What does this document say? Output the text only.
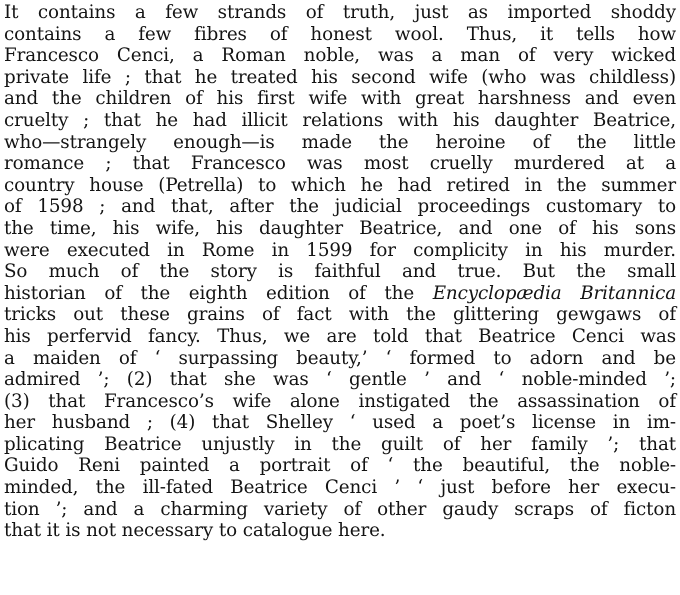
It contains a few strands of truth, just as imported shoddy
contains a few fibres of honest wool. Thus, it tells how
Francesco Cenci, a Roman noble, was a man of very wicked
private life ; that he treated his second wife (who was childless)
and the children of his first wife with great harshness and even
cruelty ; that he had illicit relations with his daughter Beatrice,
who—strangely enough—is made the heroine of the little
romance ; that Francesco was most cruelly murdered at a
country house (Petrella) to which he had retired in the summer
of 1598 ; and that, after the judicial proceedings customary to
the time, his wife, his daughter Beatrice, and one of his sons
were executed in Rome in 1599 for complicity in his murder.
So much of the story is faithful and true. But the small
historian of the eighth edition of the Encyclopædia Britannica
tricks out these grains of fact with the glittering gewgaws of
his perfervid fancy. Thus, we are told that Beatrice Cenci was
a maiden of ‘ surpassing beauty,’ ‘ formed to adorn and be
admired ’; (2) that she was ‘ gentle ’ and ‘ noble-minded ’;
(3) that Francesco’s wife alone instigated the assassination of
her husband ; (4) that Shelley ‘ used a poet’s license in im-
plicating Beatrice unjustly in the guilt of her family ’; that
Guido Reni painted a portrait of ‘ the beautiful, the noble-
minded, the ill-fated Beatrice Cenci ’ ‘ just before her execu-
tion ’; and a charming variety of other gaudy scraps of ficton
that it is not necessary to catalogue here.
